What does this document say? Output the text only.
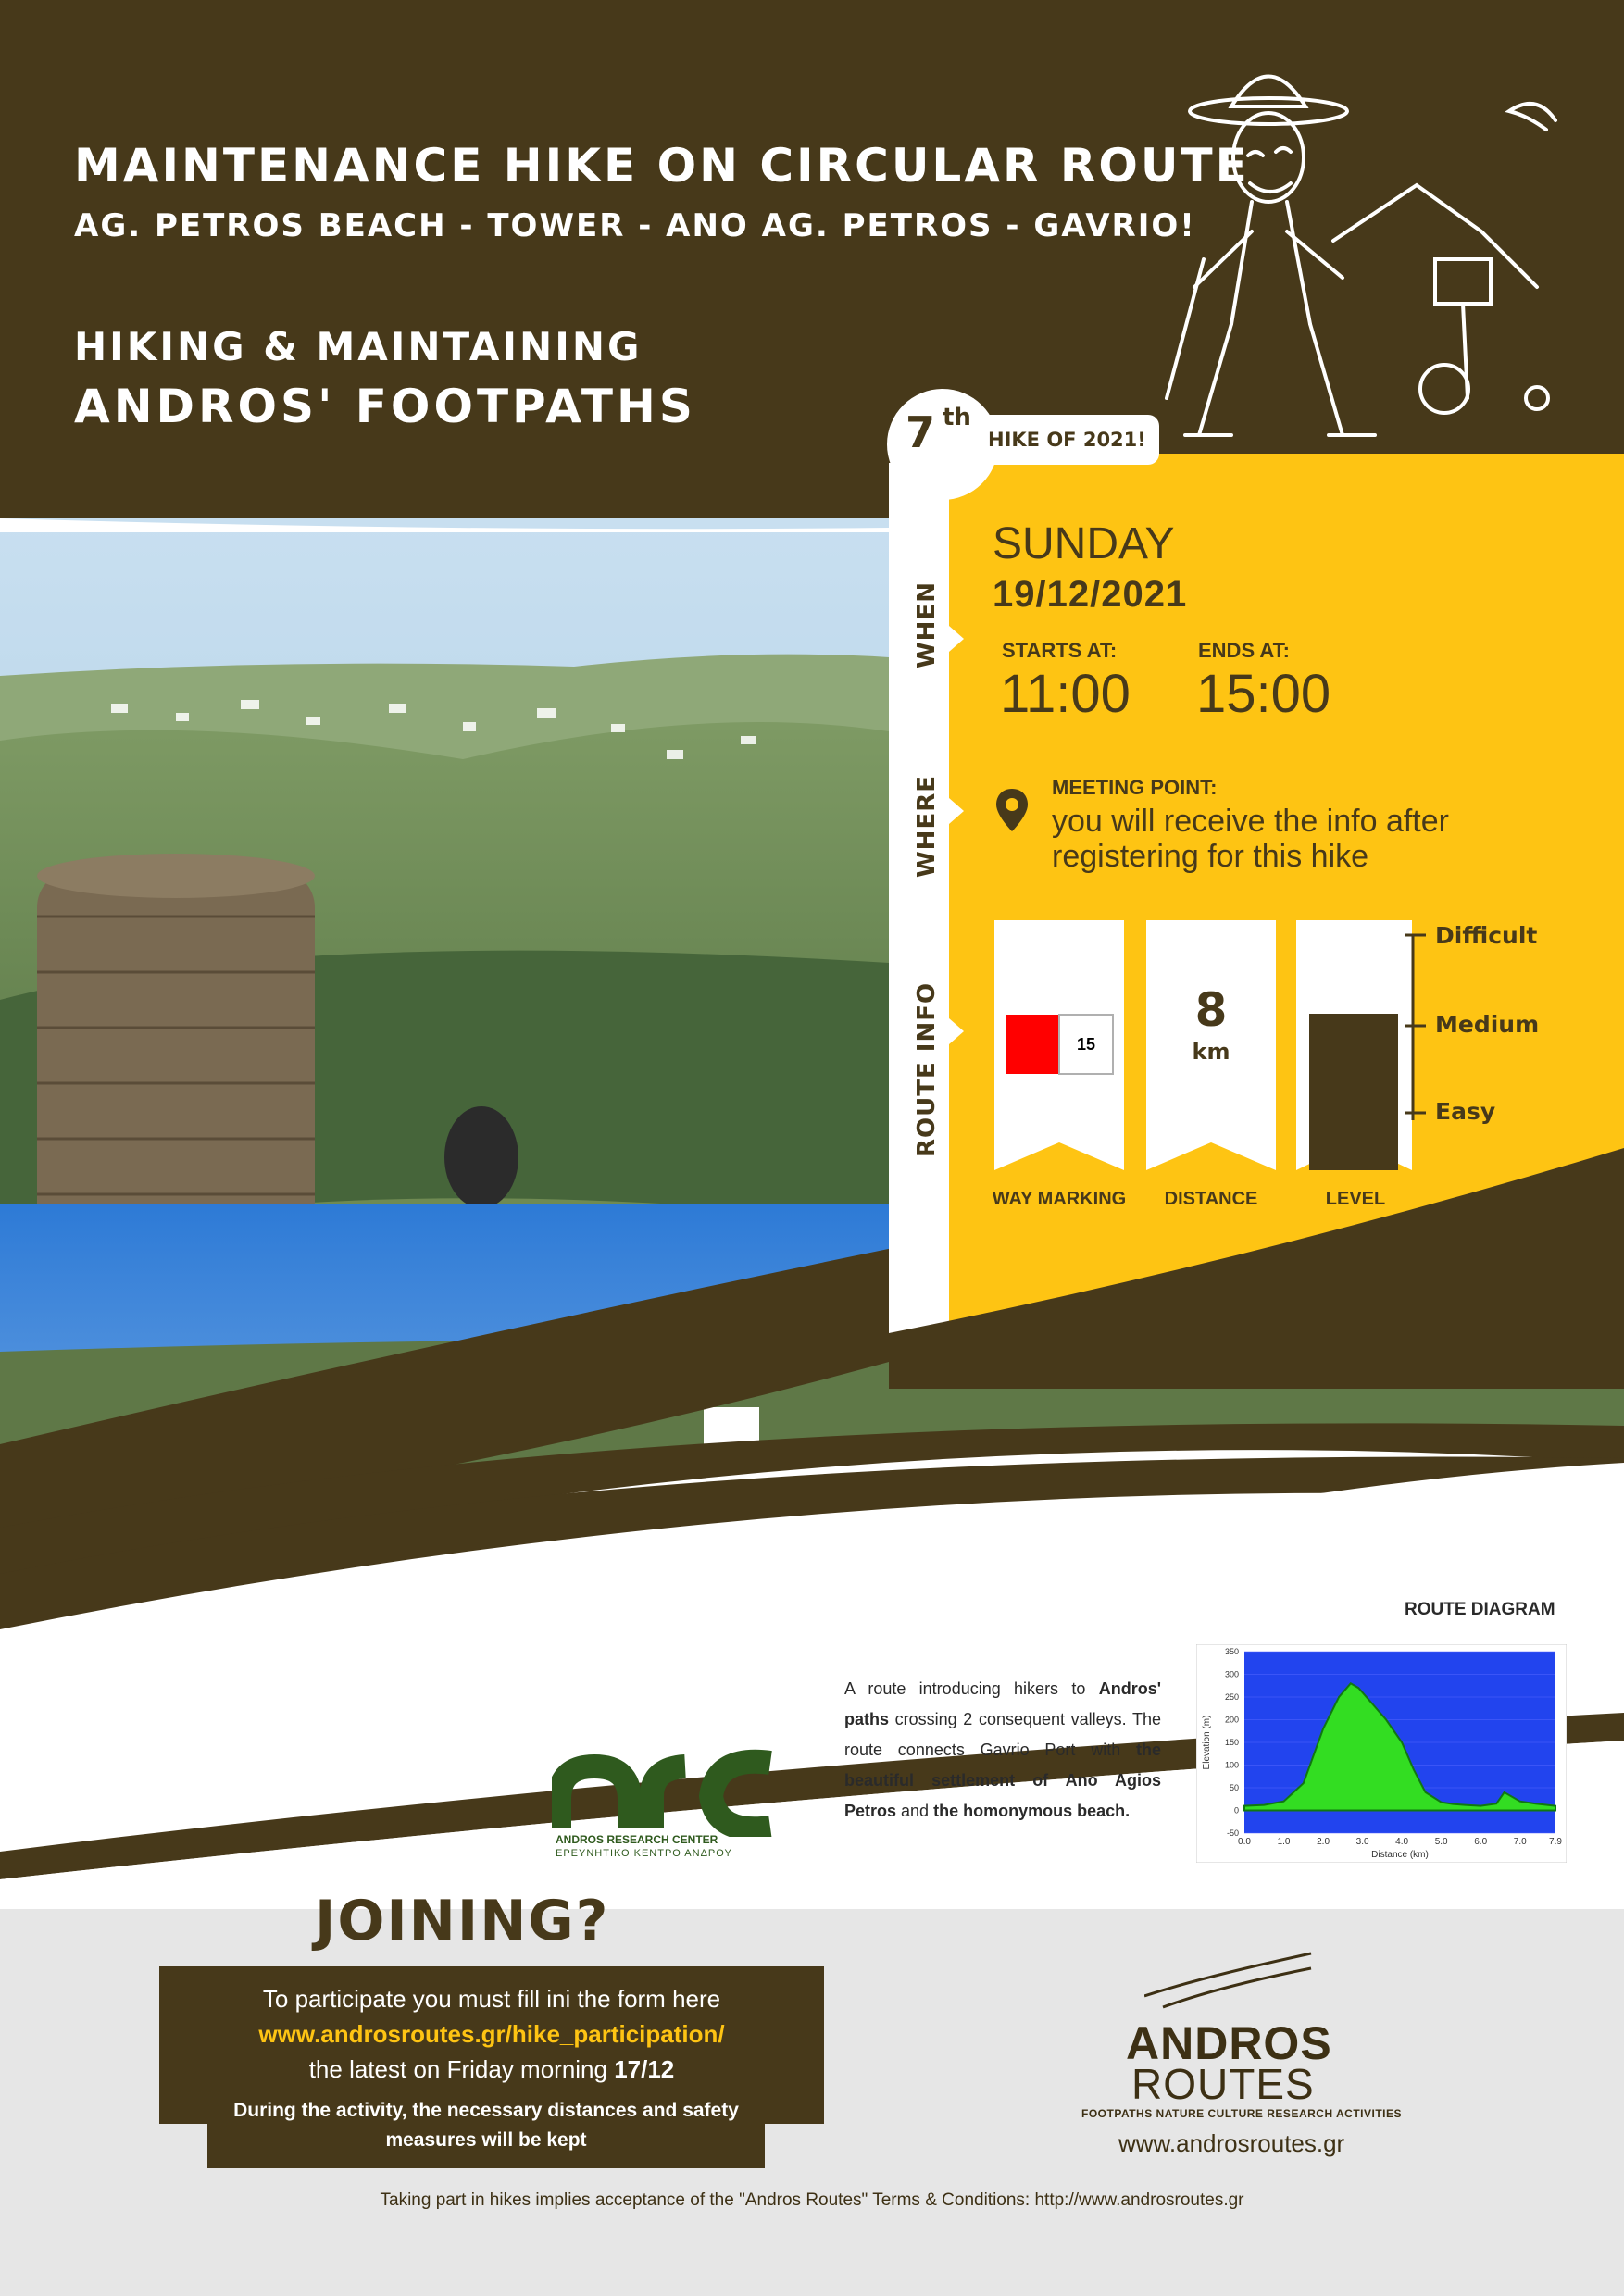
MAINTENANCE HIKE ON CIRCULAR ROUTE
AG. PETROS BEACH - TOWER - ANO AG. PETROS - GAVRIO!
HIKING & MAINTAINING
ANDROS' FOOTPATHS	7 th
HIKE OF 2021!
WHEN
WHERE
ROUTE INFO
SUNDAY
19/12/2021
STARTS AT:
11:00
ENDS AT:
15:00
MEETING POINT:
you will receive the info after registering for this hike
15
WAY MARKING
8
km
DISTANCE
Difficult
Medium
Easy
LEVEL
A route introducing hikers to Andros' paths crossing 2 consequent valleys. The route connects Gavrio Port with the beautiful settlement of Ano Agios Petros and the homonymous beach.
ANDROS RESEARCH CENTER
ΕΡΕΥΝΗΤΙΚΟ ΚΕΝΤΡΟ ΑΝΔΡΟΥ
ROUTE DIAGRAM
0.0	1.0	2.0	3.0	4.0	5.0	6.0	7.0 7.9
350
300
250
200
150
100
50
0
-50
Elevation (m)
Distance (km)
JOINING?
To participate you must fill ini the form here
www.androsroutes.gr/hike_participation/
the latest on Friday morning 17/12
During the activity, the necessary distances and safety measures will be kept
ANDROS
ROUTES
FOOTPATHS NATURE CULTURE RESEARCH ACTIVITIES
www.androsroutes.gr
Taking part in hikes implies acceptance of the "Andros Routes" Terms & Conditions: http://www.androsroutes.gr
